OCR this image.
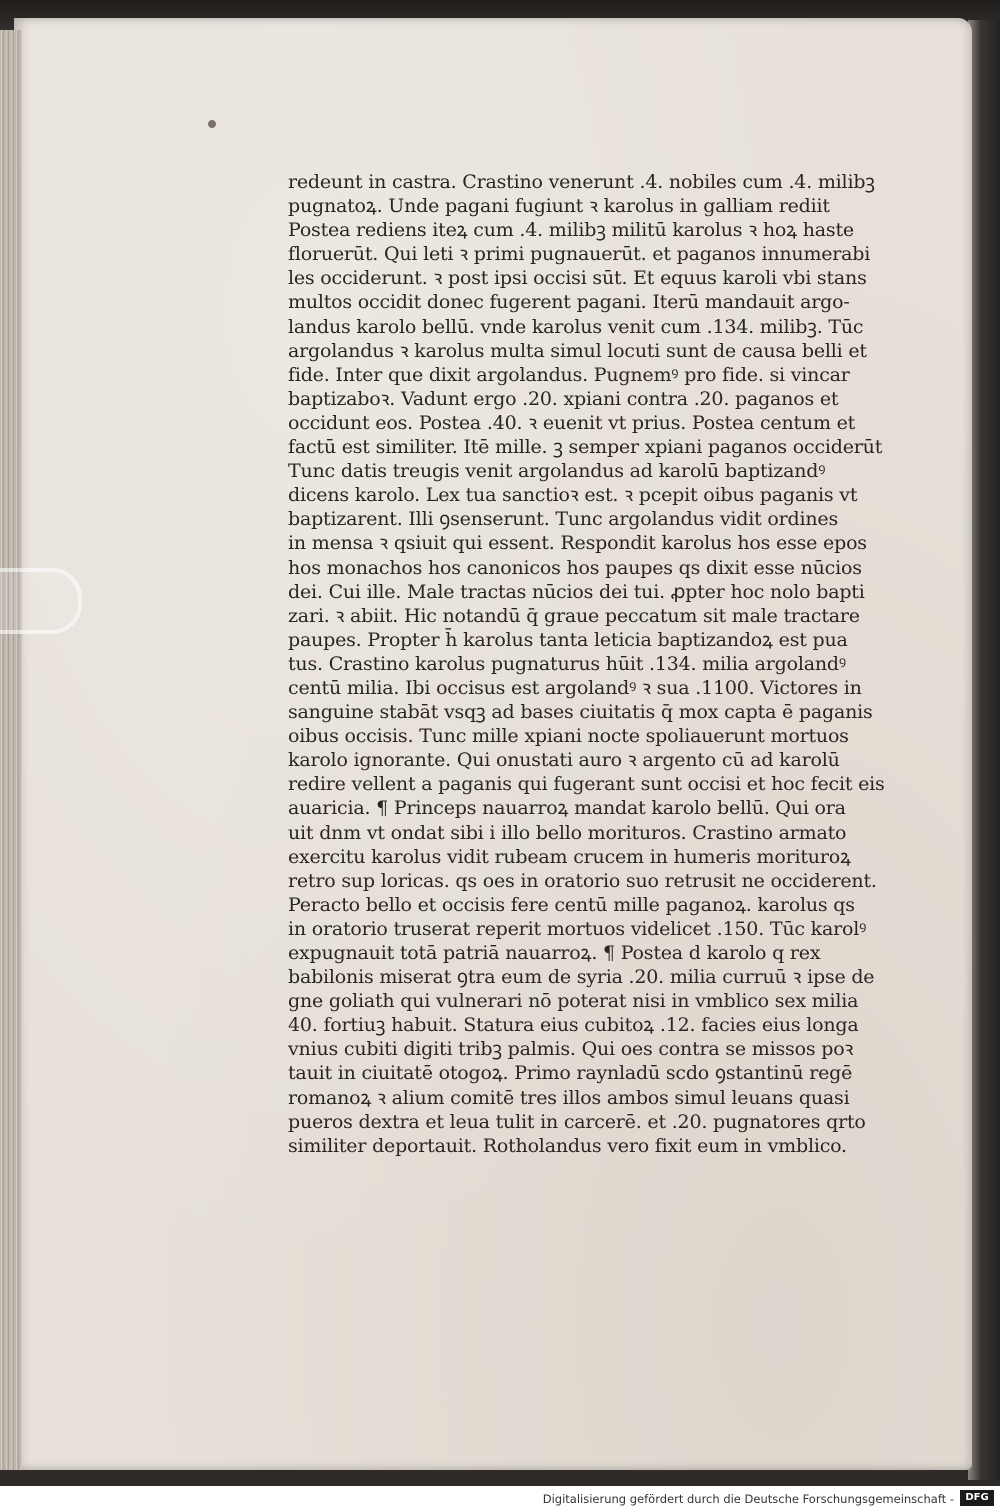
redeunt in castra. Crastino venerunt .4. nobiles cum .4. milibꝫ
pugnatoꝝ. Unde pagani fugiunt ꝛ karolus in galliam rediit
Postea rediens iteꝝ cum .4. milibꝫ militū karolus ꝛ hoꝝ haste
floruerūt. Qui leti ꝛ primi pugnauerūt. et paganos innumerabi
les occiderunt. ꝛ post ipsi occisi sūt. Et equus karoli vbi stans
multos occidit donec fugerent pagani. Iterū mandauit argo-
landus karolo bellū. vnde karolus venit cum .134. milibꝫ. Tūc
argolandus ꝛ karolus multa simul locuti sunt de causa belli et
fide. Inter que dixit argolandus. Pugnemꝰ pro fide. si vincar
baptizaboꝛ. Vadunt ergo .20. xpiani contra .20. paganos et
occidunt eos. Postea .40. ꝛ euenit vt prius. Postea centum et
factū est similiter. Itē mille. ꝫ semper xpiani paganos occiderūt
Tunc datis treugis venit argolandus ad karolū baptizandꝰ
dicens karolo. Lex tua sanctioꝛ est. ꝛ pcepit oibus paganis vt
baptizarent. Illi ꝯsenserunt. Tunc argolandus vidit ordines
in mensa ꝛ qsiuit qui essent. Respondit karolus hos esse epos
hos monachos hos canonicos hos paupes qs dixit esse nūcios
dei. Cui ille. Male tractas nūcios dei tui. ꝓpter hoc nolo bapti
zari. ꝛ abiit. Hic notandū q̄ graue peccatum sit male tractare
paupes. Propter h̄ karolus tanta leticia baptizandoꝝ est pua
tus. Crastino karolus pugnaturus hūit .134. milia argolandꝰ
centū milia. Ibi occisus est argolandꝰ ꝛ sua .1100. Victores in
sanguine stabāt vsqꝫ ad bases ciuitatis q̄ mox capta ē paganis
oibus occisis. Tunc mille xpiani nocte spoliauerunt mortuos
karolo ignorante. Qui onustati auro ꝛ argento cū ad karolū
redire vellent a paganis qui fugerant sunt occisi et hoc fecit eis
auaricia. ¶ Princeps nauarroꝝ mandat karolo bellū. Qui ora
uit dnm vt ondat sibi i illo bello morituros. Crastino armato
exercitu karolus vidit rubeam crucem in humeris morituroꝝ
retro sup loricas. qs oes in oratorio suo retrusit ne occiderent.
Peracto bello et occisis fere centū mille paganoꝝ. karolus qs
in oratorio truserat reperit mortuos videlicet .150. Tūc karolꝰ
expugnauit totā patriā nauarroꝝ. ¶ Postea d karolo q rex
babilonis miserat ꝯtra eum de syria .20. milia curruū ꝛ ipse de
gne goliath qui vulnerari nō poterat nisi in vmblico sex milia
40. fortiuꝫ habuit. Statura eius cubitoꝝ .12. facies eius longa
vnius cubiti digiti tribꝫ palmis. Qui oes contra se missos poꝛ
tauit in ciuitatē otogoꝝ. Primo raynladū scdo ꝯstantinū regē
romanoꝝ ꝛ alium comitē tres illos ambos simul leuans quasi
pueros dextra et leua tulit in carcerē. et .20. pugnatores qrto
similiter deportauit. Rotholandus vero fixit eum in vmblico.
Digitalisierung gefördert durch die Deutsche Forschungsgemeinschaft -	DFG
